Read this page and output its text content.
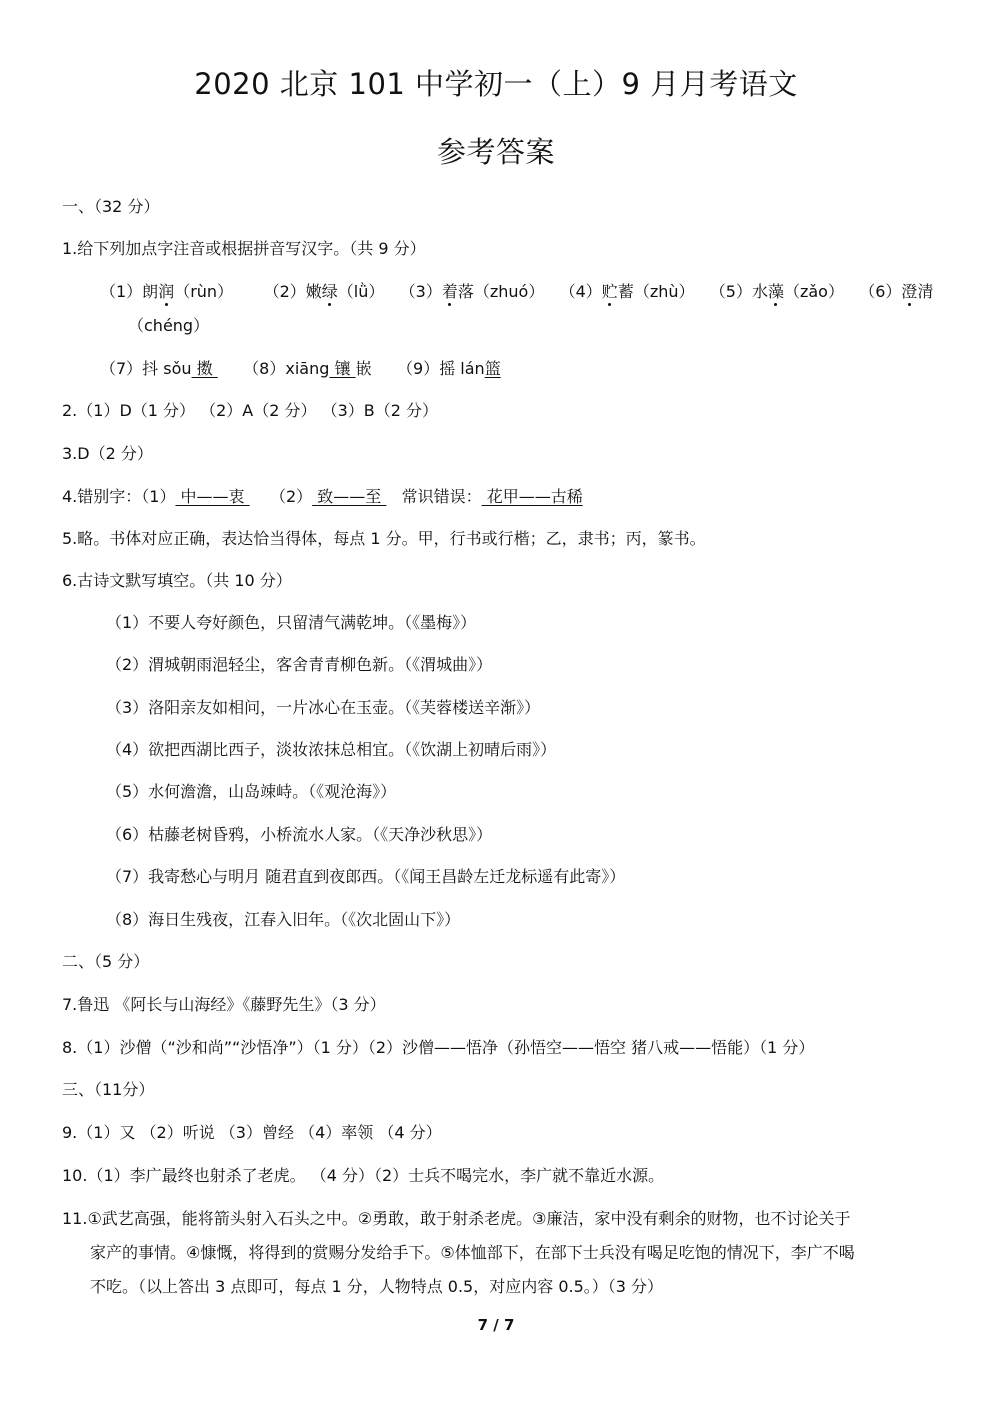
2020 北京 101 中学初一（上）9 月月考语文
参考答案
一、（32 分）
1.给下列加点字注音或根据拼音写汉字。（共 9 分）
（1）朗润（rùn） （2）嫩绿（lǜ） （3）着落（zhuó） （4）贮蓄（zhù） （5）水藻（zǎo） （6）澄清
（chéng）
（7）抖 sǒu 擞      （8）xiāng 镶 嵌 （9）摇 lán篮
2.（1）D（1 分） （2）A（2 分） （3）B（2 分）
3.D（2 分）
4.错别字：（1） 中——衷     （2） 致——至    常识错误： 花甲——古稀
5.略。书体对应正确，表达恰当得体，每点 1 分。甲，行书或行楷；乙，隶书；丙，篆书。
6.古诗文默写填空。（共 10 分）
（1）不要人夸好颜色，只留清气满乾坤。（《墨梅》）
（2）渭城朝雨浥轻尘，客舍青青柳色新。（《渭城曲》）
（3）洛阳亲友如相问，一片冰心在玉壶。（《芙蓉楼送辛渐》）
（4）欲把西湖比西子，淡妆浓抹总相宜。（《饮湖上初晴后雨》）
（5）水何澹澹，山岛竦峙。（《观沧海》）
（6）枯藤老树昏鸦，小桥流水人家。（《天净沙秋思》）
（7）我寄愁心与明月 随君直到夜郎西。（《闻王昌龄左迁龙标遥有此寄》）
（8）海日生残夜，江春入旧年。（《次北固山下》）
二、（5 分）
7.鲁迅 《阿长与山海经》《藤野先生》（3 分）
8.（1）沙僧（“沙和尚”“沙悟净”）（1 分）（2）沙僧——悟净（孙悟空——悟空 猪八戒——悟能）（1 分）
三、（11分）
9.（1）又 （2）听说 （3）曾经 （4）率领 （4 分）
10.（1）李广最终也射杀了老虎。 （4 分）（2）士兵不喝完水，李广就不靠近水源。
11.①武艺高强，能将箭头射入石头之中。②勇敢，敢于射杀老虎。③廉洁，家中没有剩余的财物，也不讨论关于
家产的事情。④慷慨，将得到的赏赐分发给手下。⑤体恤部下，在部下士兵没有喝足吃饱的情况下，李广不喝
不吃。（以上答出 3 点即可，每点 1 分，人物特点 0.5，对应内容 0.5。）（3 分）
7 / 7
